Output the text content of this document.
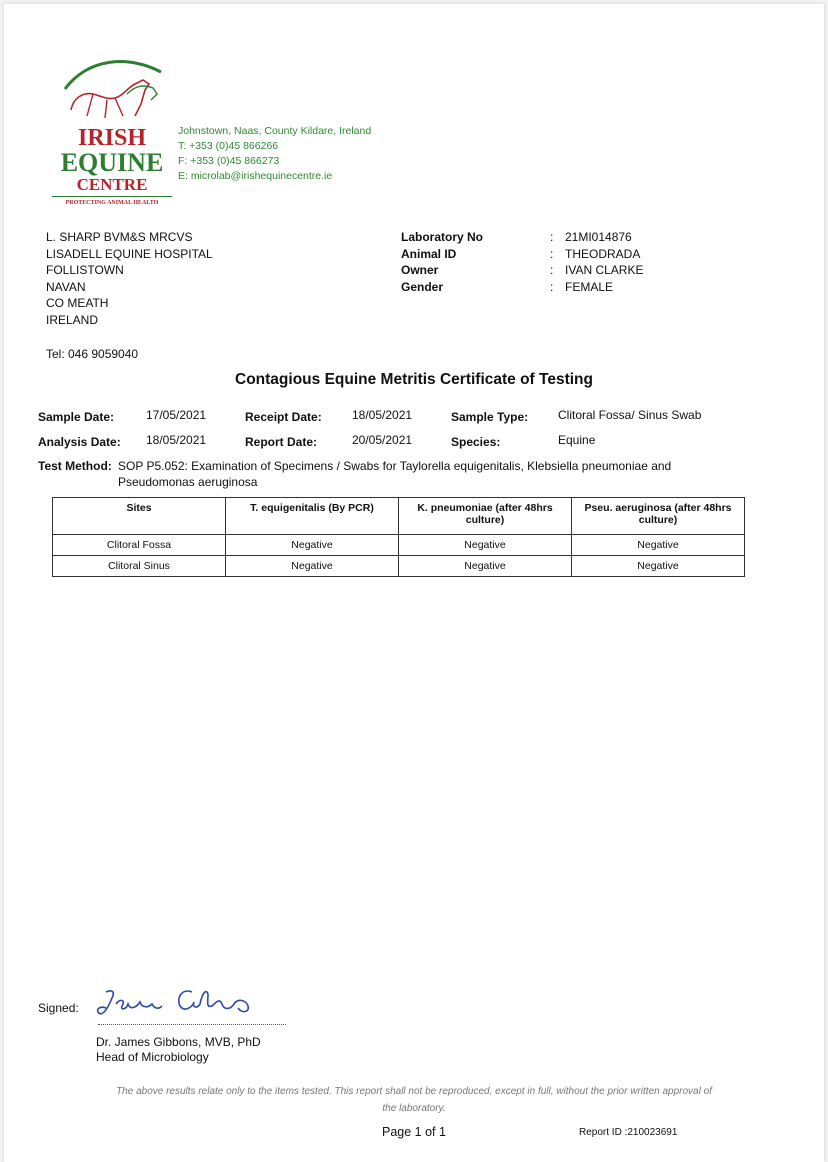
IRISH
EQUINE
CENTRE
PROTECTING ANIMAL HEALTH
Johnstown, Naas, County Kildare, Ireland
T: +353 (0)45 866266
F: +353 (0)45 866273
E: microlab@irishequinecentre.ie
L. SHARP BVM&S MRCVS
LISADELL EQUINE HOSPITAL
FOLLISTOWN
NAVAN
CO MEATH
IRELAND
Tel: 046 9059040
Laboratory No	: 21MI014876
Animal ID	: THEODRADA
Owner	: IVAN CLARKE
Gender	: FEMALE
Contagious Equine Metritis Certificate of Testing
Sample Date:	17/05/2021	Receipt Date:	18/05/2021	Sample Type: Clitoral Fossa/ Sinus Swab
Analysis Date: 18/05/2021	Report Date:	20/05/2021	Species:	Equine
Test Method: SOP P5.052: Examination of Specimens / Swabs for Taylorella equigenitalis, Klebsiella pneumoniae and
Pseudomonas aeruginosa
Sites	T. equigenitalis (By PCR)	K. pneumoniae (after 48hrs culture)	Pseu. aeruginosa (after 48hrs culture)
Clitoral Fossa	Negative	Negative	Negative
Clitoral Sinus	Negative	Negative	Negative
Signed:
Dr. James Gibbons, MVB, PhD
Head of Microbiology
The above results relate only to the items tested. This report shall not be reproduced, except in full, without the prior written approval of
the laboratory.
Page 1 of 1	Report ID :210023691
